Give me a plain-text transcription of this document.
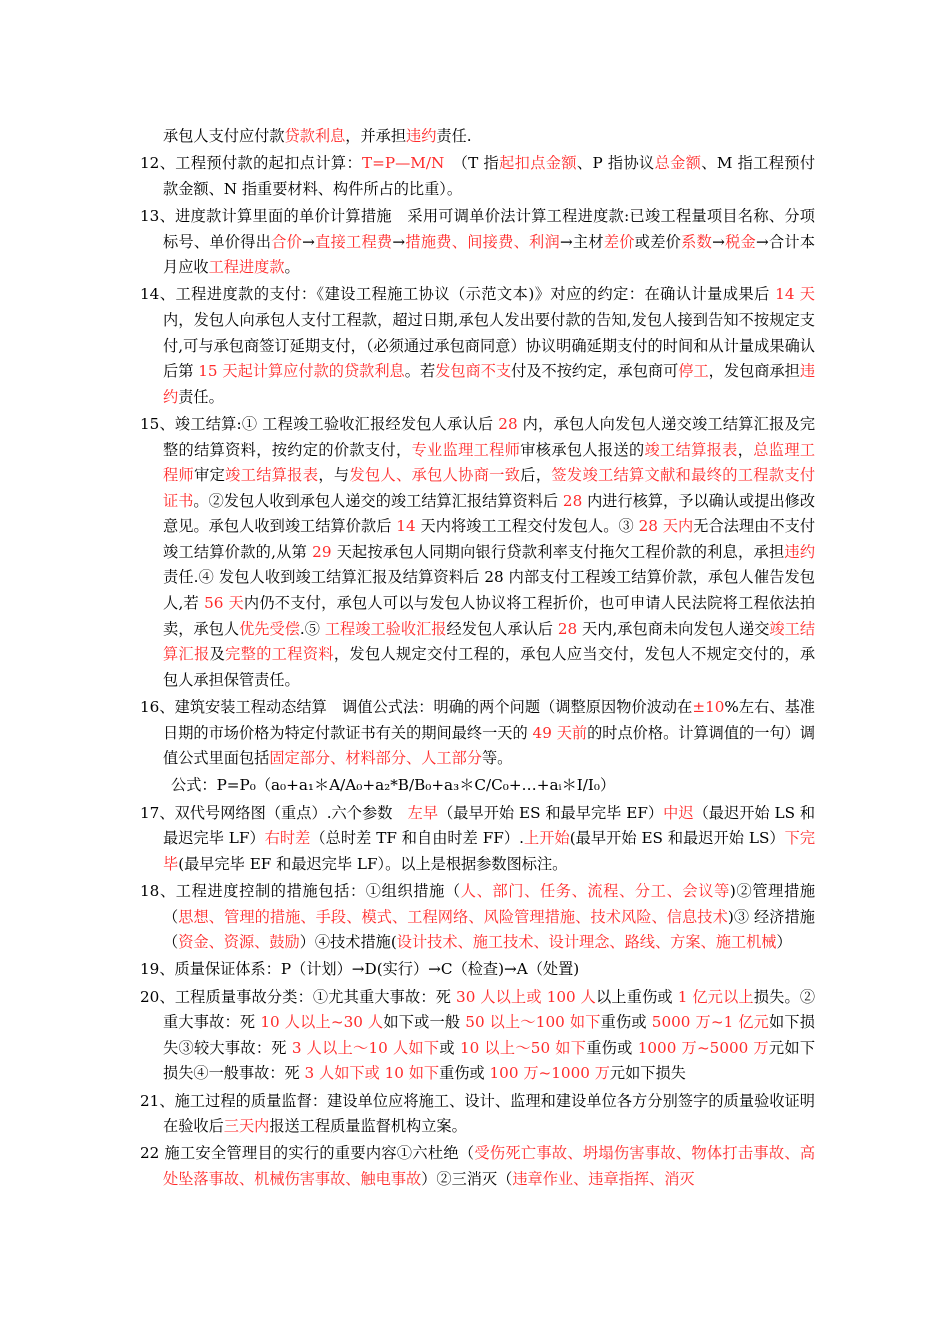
承包人支付应付款贷款利息，并承担违约责任.
12、工程预付款的起扣点计算：T=P—M/N　（T 指起扣点金额、P 指协议总金额、M 指工程预付款金额、N 指重要材料、构件所占的比重）。
13、进度款计算里面的单价计算措施　采用可调单价法计算工程进度款:已竣工程量项目名称、分项标号、单价得出合价→直接工程费→措施费、间接费、利润→主材差价或差价系数→税金→合计本月应收工程进度款。
14、工程进度款的支付：《建设工程施工协议（示范文本)》对应的约定：在确认计量成果后 14 天内，发包人向承包人支付工程款，超过日期,承包人发出要付款的告知,发包人接到告知不按规定支付,可与承包商签订延期支付，（必须通过承包商同意）协议明确延期支付的时间和从计量成果确认后第 15 天起计算应付款的贷款利息。若发包商不支付及不按约定，承包商可停工，发包商承担违约责任。
15、竣工结算:① 工程竣工验收汇报经发包人承认后 28 内，承包人向发包人递交竣工结算汇报及完整的结算资料，按约定的价款支付，专业监理工程师审核承包人报送的竣工结算报表，总监理工程师审定竣工结算报表，与发包人、承包人协商一致后，签发竣工结算文献和最终的工程款支付证书。②发包人收到承包人递交的竣工结算汇报结算资料后 28 内进行核算，予以确认或提出修改意见。承包人收到竣工结算价款后 14 天内将竣工工程交付发包人。③ 28 天内无合法理由不支付竣工结算价款的,从第 29 天起按承包人同期向银行贷款利率支付拖欠工程价款的利息，承担违约责任.④ 发包人收到竣工结算汇报及结算资料后 28 内部支付工程竣工结算价款，承包人催告发包人,若 56 天内仍不支付，承包人可以与发包人协议将工程折价，也可申请人民法院将工程依法拍卖，承包人优先受偿.⑤ 工程竣工验收汇报经发包人承认后 28 天内,承包商未向发包人递交竣工结算汇报及完整的工程资料，发包人规定交付工程的，承包人应当交付，发包人不规定交付的，承包人承担保管责任。
16、建筑安装工程动态结算　调值公式法：明确的两个问题（调整原因物价波动在±10%左右、基准日期的市场价格为特定付款证书有关的期间最终一天的 49 天前的时点价格。计算调值的一句）调值公式里面包括固定部分、材料部分、人工部分等。
公式：P=P₀（a₀+a₁＊A/A₀+a₂*B/B₀+a₃＊C/C₀+…+aᵢ＊I/I₀）
17、双代号网络图（重点）.六个参数　左早（最早开始 ES 和最早完毕 EF）中迟（最迟开始 LS 和最迟完毕 LF）右时差（总时差 TF 和自由时差 FF）.上开始(最早开始 ES 和最迟开始 LS）下完毕(最早完毕 EF 和最迟完毕 LF）。以上是根据参数图标注。
18、工程进度控制的措施包括：①组织措施（人、部门、任务、流程、分工、会议等)②管理措施（思想、管理的措施、手段、模式、工程网络、风险管理措施、技术风险、信息技术)③ 经济措施（资金、资源、鼓励）④技术措施(设计技术、施工技术、设计理念、路线、方案、施工机械）
19、质量保证体系：P（计划）→D(实行）→C（检查)→A（处置)
20、工程质量事故分类：①尤其重大事故：死 30 人以上或 100 人以上重伤或 1 亿元以上损失。②重大事故：死 10 人以上~30 人如下或一般 50 以上～100 如下重伤或 5000 万~1 亿元如下损失③较大事故：死 3 人以上～10 人如下或 10 以上～50 如下重伤或 1000 万~5000 万元如下损失④一般事故：死 3 人如下或 10 如下重伤或 100 万~1000 万元如下损失
21、施工过程的质量监督：建设单位应将施工、设计、监理和建设单位各方分别签字的质量验收证明在验收后三天内报送工程质量监督机构立案。
22 施工安全管理目的实行的重要内容①六杜绝（受伤死亡事故、坍塌伤害事故、物体打击事故、高处坠落事故、机械伤害事故、触电事故）②三消灭（违章作业、违章指挥、消灭
